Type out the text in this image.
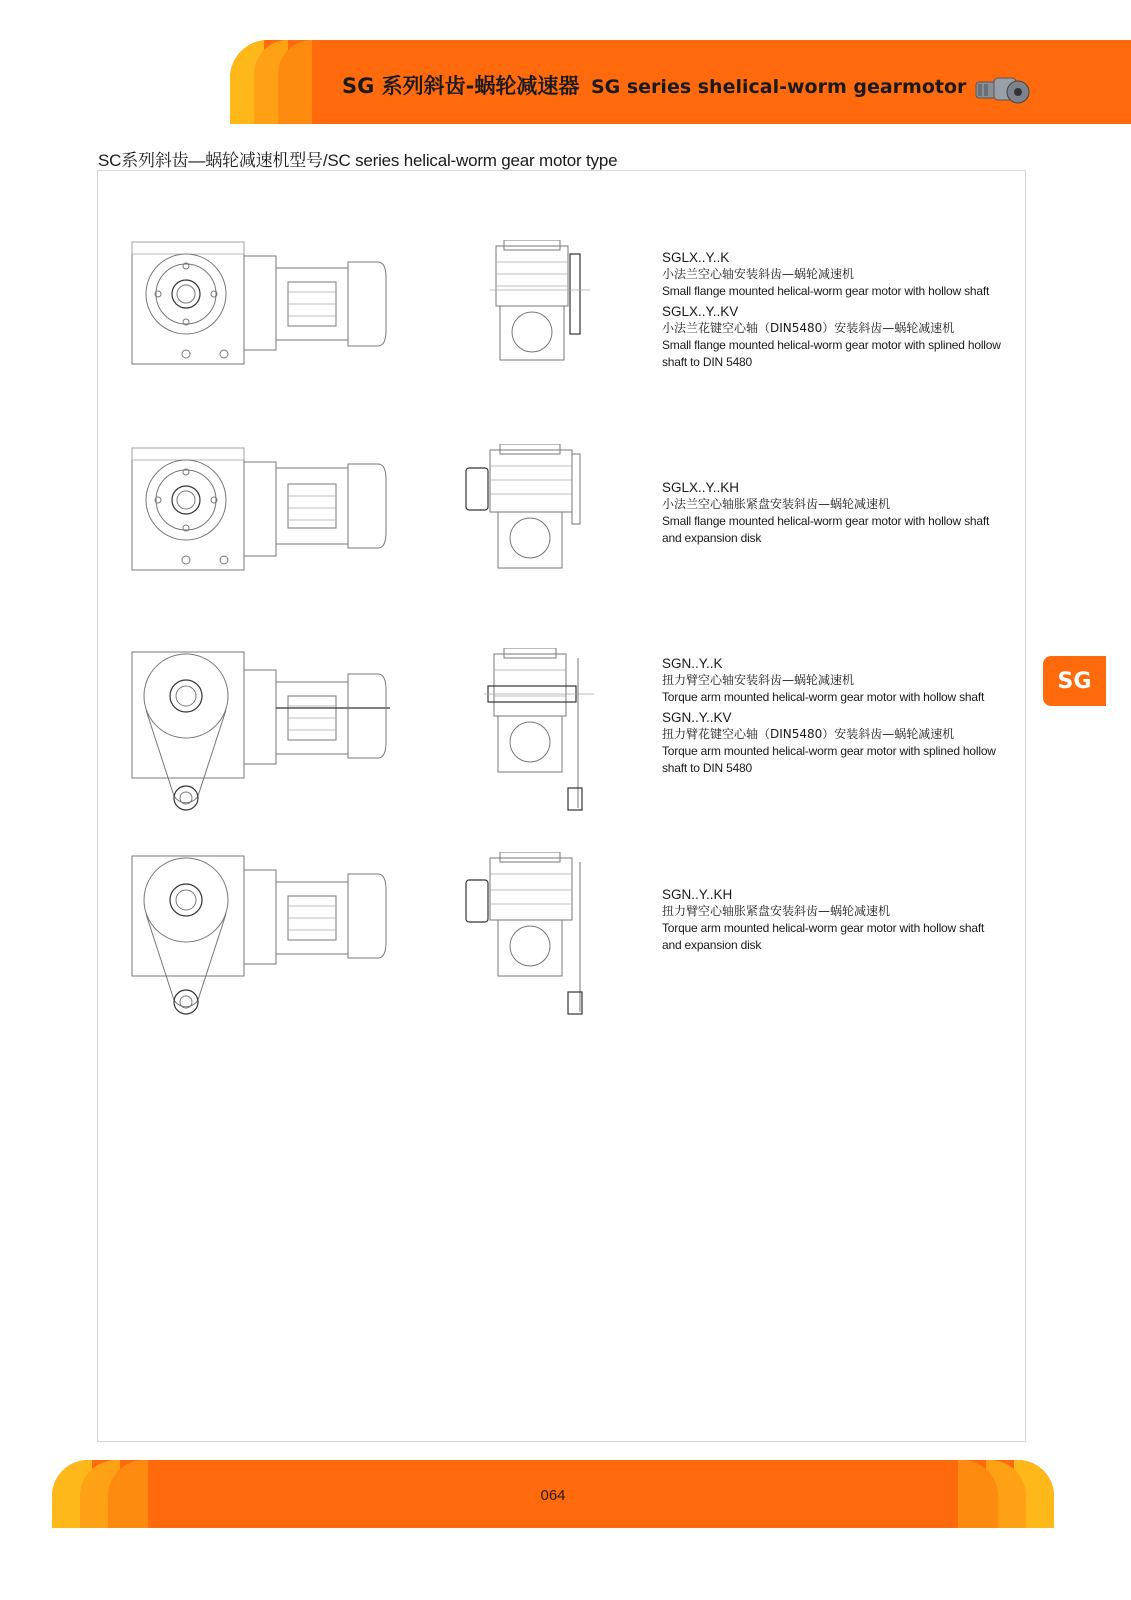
SG 系列斜齿-蜗轮减速器 SG series shelical-worm gearmotor
SC系列斜齿—蜗轮减速机型号/SC series helical-worm gear motor type
SGLX..Y..K
小法兰空心轴安装斜齿—蜗轮减速机
Small flange mounted helical-worm gear motor with hollow shaft
SGLX..Y..KV
小法兰花键空心轴（DIN5480）安装斜齿—蜗轮减速机
Small flange mounted helical-worm gear motor with splined hollow
shaft to DIN 5480
SGLX..Y..KH
小法兰空心轴胀紧盘安装斜齿—蜗轮减速机
Small flange mounted helical-worm gear motor with hollow shaft
and expansion disk
SGN..Y..K
扭力臂空心轴安装斜齿—蜗轮减速机
Torque arm mounted helical-worm gear motor with hollow shaft
SGN..Y..KV
扭力臂花键空心轴（DIN5480）安装斜齿—蜗轮减速机
Torque arm mounted helical-worm gear motor with splined hollow
shaft to DIN 5480
SGN..Y..KH
扭力臂空心轴胀紧盘安装斜齿—蜗轮减速机
Torque arm mounted helical-worm gear motor with hollow shaft
and expansion disk
SG
064
